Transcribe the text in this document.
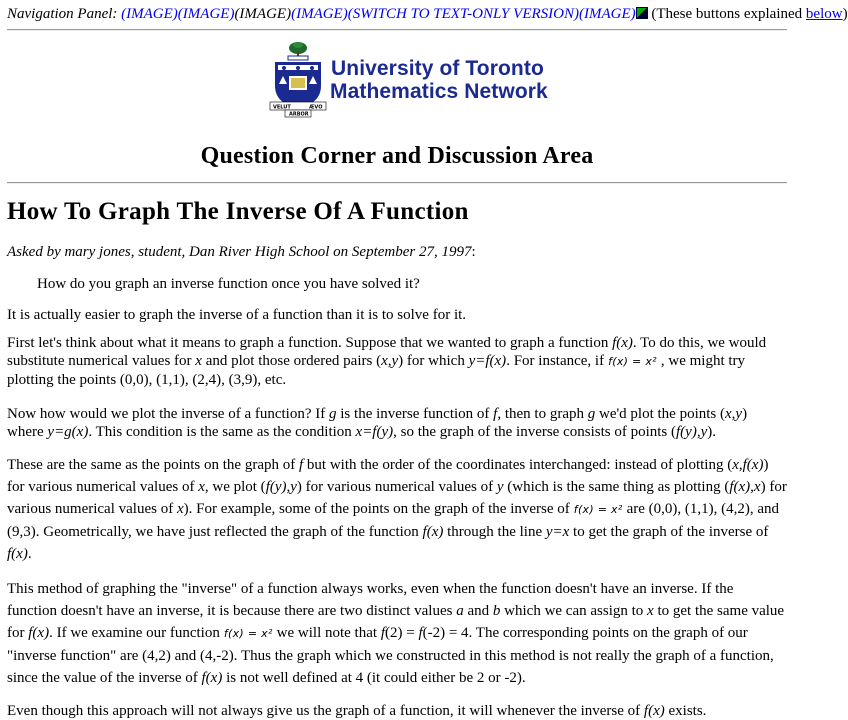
Navigation Panel: (IMAGE)(IMAGE)(IMAGE)(IMAGE)(SWITCH TO TEXT-ONLY VERSION)(IMAGE) (These buttons explained below)
VELUT	ÆVO
ARBOR
University of Toronto
Mathematics Network
Question Corner and Discussion Area
How To Graph The Inverse Of A Function
Asked by mary jones, student, Dan River High School on September 27, 1997:
How do you graph an inverse function once you have solved it?

It is actually easier to graph the inverse of a function than it is to solve for it.

First let's think about what it means to graph a function. Suppose that we wanted to graph a function f(x). To do this, we would substitute numerical values for x and plot those ordered pairs (x,y) for which y=f(x). For instance, if f(x) = x² , we might try plotting the points (0,0), (1,1), (2,4), (3,9), etc.

Now how would we plot the inverse of a function? If g is the inverse function of f, then to graph g we'd plot the points (x,y) where y=g(x). This condition is the same as the condition x=f(y), so the graph of the inverse consists of points (f(y),y).

These are the same as the points on the graph of f but with the order of the coordinates interchanged: instead of plotting (x,f(x)) for various numerical values of x, we plot (f(y),y) for various numerical values of y (which is the same thing as plotting (f(x),x) for various numerical values of x). For example, some of the points on the graph of the inverse of f(x) = x² are (0,0), (1,1), (4,2), and (9,3). Geometrically, we have just reflected the graph of the function f(x) through the line y=x to get the graph of the inverse of f(x).

This method of graphing the "inverse" of a function always works, even when the function doesn't have an inverse. If the function doesn't have an inverse, it is because there are two distinct values a and b which we can assign to x to get the same value for f(x). If we examine our function f(x) = x² we will note that f(2) = f(-2) = 4. The corresponding points on the graph of our "inverse function" are (4,2) and (4,-2). Thus the graph which we constructed in this method is not really the graph of a function, since the value of the inverse of f(x) is not well defined at 4 (it could either be 2 or -2).

Even though this approach will not always give us the graph of a function, it will whenever the inverse of f(x) exists.
